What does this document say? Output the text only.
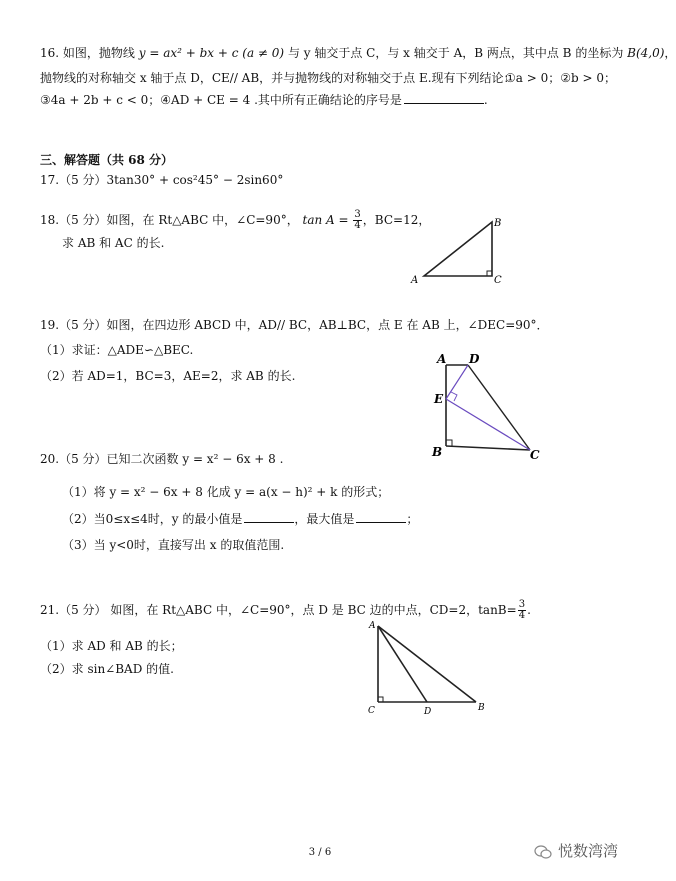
16. 如图，抛物线 y = ax² + bx + c (a ≠ 0) 与 y 轴交于点 C，与 x 轴交于 A，B 两点，其中点 B 的坐标为 B(4,0)，
抛物线的对称轴交 x 轴于点 D，CE// AB，并与抛物线的对称轴交于点 E.现有下列结论：
①a > 0；②b > 0；
③4a + 2b + c < 0；④AD + CE = 4 .其中所有正确结论的序号是	.
三、解答题（共 68 分）
17.（5 分）3tan30° + cos²45° − 2sin60°
18.（5 分）如图，在 Rt△ABC 中，∠C=90°， $\tan A = \frac{3}{4}$ ，BC=12，
求 AB 和 AC 的长.
A
B
C
19.（5 分）如图，在四边形 ABCD 中，AD// BC，AB⊥BC，点 E 在 AB 上，∠DEC=90°．
（1）求证：△ADE∽△BEC.
（2）若 AD=1，BC=3，AE=2，求 AB 的长.
A D
E
B	C
20.（5 分）已知二次函数 y = x² − 6x + 8 .
（1）将 y = x² − 6x + 8 化成 y = a(x − h)² + k 的形式；
（2）当0≤x≤4时，y 的最小值是	，最大值是	；
（3）当 y<0时，直接写出 x 的取值范围.
21.（5 分） 如图，在 Rt△ABC 中，∠C=90°，点 D 是 BC 边的中点，CD=2，$\tan B= \frac{3}{4}$ .
（1）求 AD 和 AB 的长；
（2）求 sin∠BAD 的值.
A
C	D	B
3 / 6	悦数湾湾
